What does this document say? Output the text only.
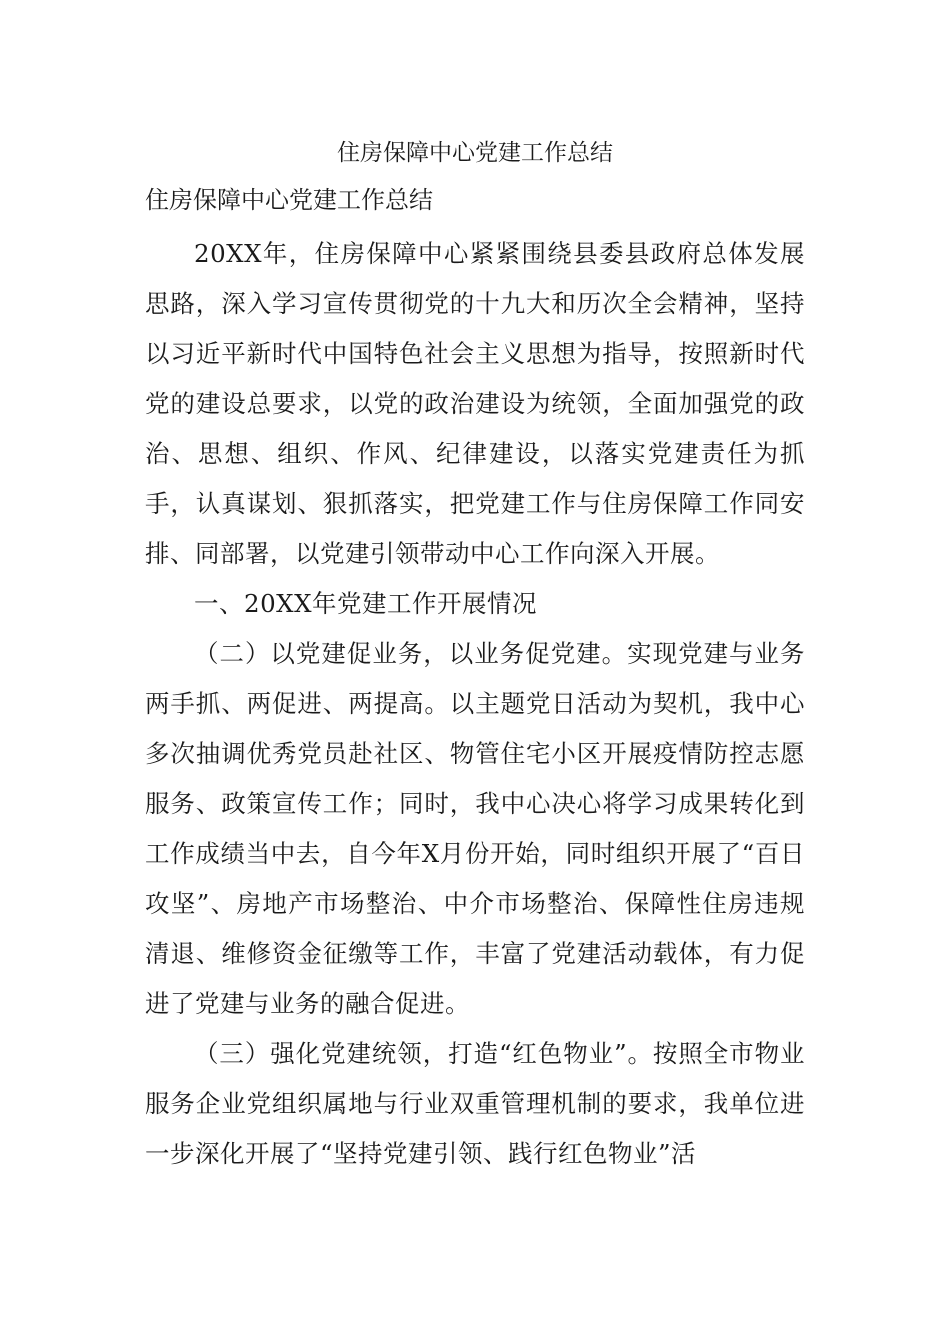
住房保障中心党建工作总结

住房保障中心党建工作总结

20XX年，住房保障中心紧紧围绕县委县政府总体发展思路，深入学习宣传贯彻党的十九大和历次全会精神，坚持以习近平新时代中国特色社会主义思想为指导，按照新时代党的建设总要求，以党的政治建设为统领，全面加强党的政治、思想、组织、作风、纪律建设，以落实党建责任为抓手，认真谋划、狠抓落实，把党建工作与住房保障工作同安排、同部署，以党建引领带动中心工作向深入开展。

一、20XX年党建工作开展情况

（二）以党建促业务，以业务促党建。实现党建与业务两手抓、两促进、两提高。以主题党日活动为契机，我中心多次抽调优秀党员赴社区、物管住宅小区开展疫情防控志愿服务、政策宣传工作；同时，我中心决心将学习成果转化到工作成绩当中去，自今年X月份开始，同时组织开展了“百日攻坚”、房地产市场整治、中介市场整治、保障性住房违规清退、维修资金征缴等工作，丰富了党建活动载体，有力促进了党建与业务的融合促进。

（三）强化党建统领，打造“红色物业”。按照全市物业服务企业党组织属地与行业双重管理机制的要求，我单位进一步深化开展了“坚持党建引领、践行红色物业”活
